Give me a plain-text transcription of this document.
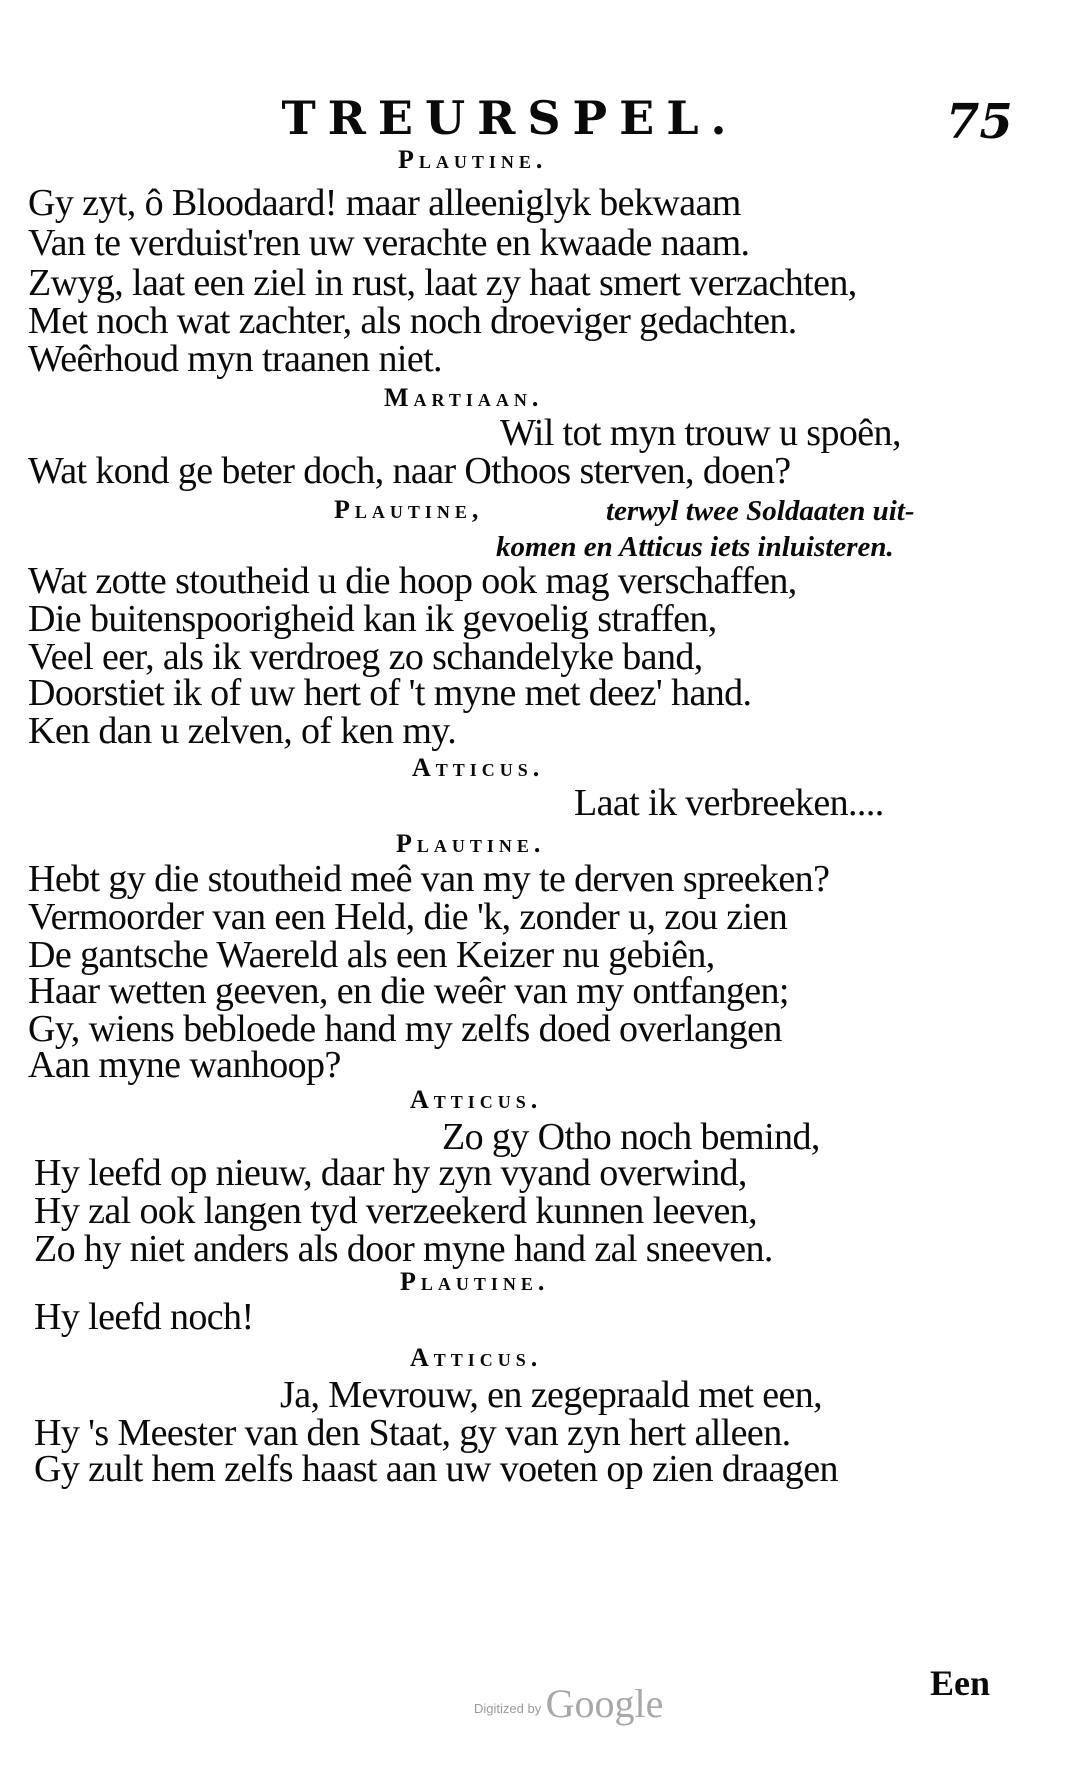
TREURSPEL.	75
Plautine.
Gy zyt, ô Bloodaard! maar alleeniglyk bekwaam
Van te verduist'ren uw verachte en kwaade naam.
Zwyg, laat een ziel in rust, laat zy haat smert verzachten,
Met noch wat zachter, als noch droeviger gedachten.
Weêrhoud myn traanen niet.
Martiaan.
Wil tot myn trouw u spoên,
Wat kond ge beter doch, naar Othoos sterven, doen?
Plautine,	terwyl twee Soldaaten uit-
komen en Atticus iets inluisteren.
Wat zotte stoutheid u die hoop ook mag verschaffen,
Die buitenspoorigheid kan ik gevoelig straffen,
Veel eer, als ik verdroeg zo schandelyke band,
Doorstiet ik of uw hert of 't myne met deez' hand.
Ken dan u zelven, of ken my.
Atticus.
Laat ik verbreeken....
Plautine.
Hebt gy die stoutheid meê van my te derven spreeken?
Vermoorder van een Held, die 'k, zonder u, zou zien
De gantsche Waereld als een Keizer nu gebiên,
Haar wetten geeven, en die weêr van my ontfangen;
Gy, wiens bebloede hand my zelfs doed overlangen
Aan myne wanhoop?
Atticus.
Zo gy Otho noch bemind,
Hy leefd op nieuw, daar hy zyn vyand overwind,
Hy zal ook langen tyd verzeekerd kunnen leeven,
Zo hy niet anders als door myne hand zal sneeven.
Plautine.
Hy leefd noch!
Atticus.
Ja, Mevrouw, en zegepraald met een,
Hy 's Meester van den Staat, gy van zyn hert alleen.
Gy zult hem zelfs haast aan uw voeten op zien draagen
Een
$^{Digitized by}$ Google
